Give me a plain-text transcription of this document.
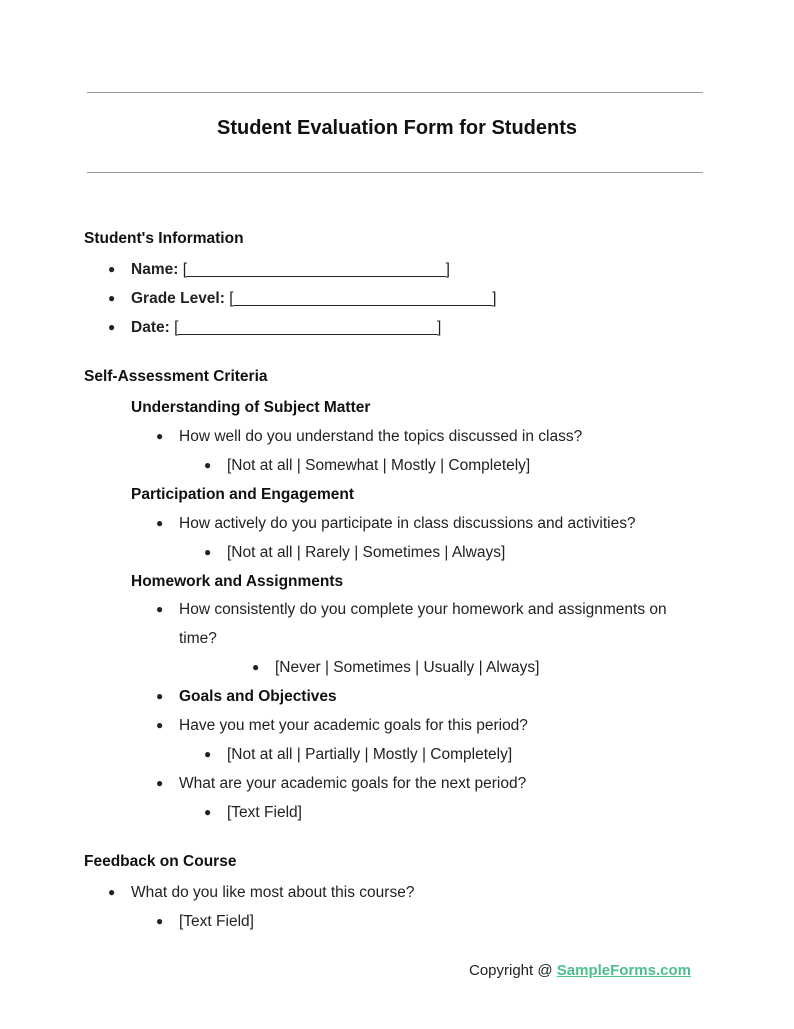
Student Evaluation Form for Students
Student's Information
● Name: [______________________________]
● Grade Level: [______________________________]
● Date: [______________________________]
Self-Assessment Criteria
Understanding of Subject Matter
● How well do you understand the topics discussed in class?
● [Not at all | Somewhat | Mostly | Completely]
Participation and Engagement
● How actively do you participate in class discussions and activities?
● [Not at all | Rarely | Sometimes | Always]
Homework and Assignments
● How consistently do you complete your homework and assignments on
time?
● [Never | Sometimes | Usually | Always]
● Goals and Objectives
● Have you met your academic goals for this period?
● [Not at all | Partially | Mostly | Completely]
● What are your academic goals for the next period?
● [Text Field]
Feedback on Course
● What do you like most about this course?
● [Text Field]
Copyright @ SampleForms.com
